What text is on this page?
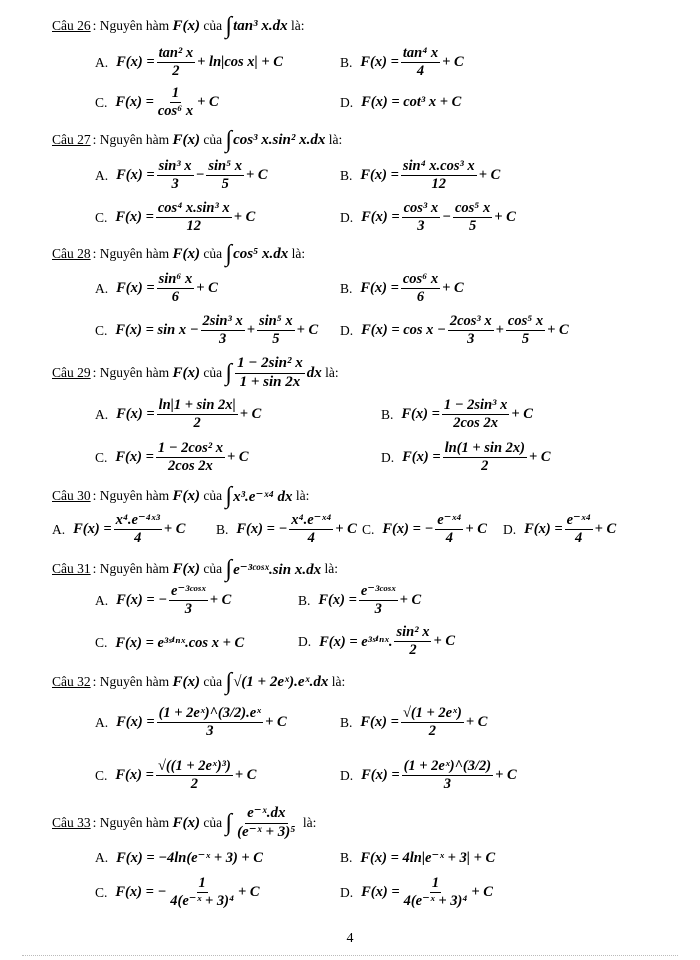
Câu 26 : Nguyên hàm
F(x)
của
∫ tan³ x.dx
là:
A. $F(x) = \frac{\text{tan² x}}{2} + \ln|\cos$ x| + C	B. $F(x) = \frac{\text{tan⁴ x}}{4} + C$
C. $F(x) = \frac{1}{\text{cos⁶ x}} + C$	D. F(x) = cot³ x + C
Câu 27 : Nguyên hàm
F(x)
của
∫ cos³ x.sin² x.dx
là:
A. $F(x) = \frac{\text{sin³ x}}{3} - \frac{\text{sin⁵ x}}{5} + C$	B. $F(x) = \frac{\text{sin⁴ x.cos³ x}}{12} + C$
C. $F(x) = \frac{\text{cos⁴ x.sin³ x}}{12} + C$	D. $F(x) = \frac{\text{cos³ x}}{3} - \frac{\text{cos⁵ x}}{5} + C$
Câu 28 : Nguyên hàm
F(x)
của
∫ cos⁵ x.dx
là:
A. $F(x) = \frac{\text{sin⁶ x}}{6} + C$	B. $F(x) = \frac{\text{cos⁶ x}}{6} + C$
C. $F(x) = \sin x - \frac{\text{2sin³ x}}{3} + \frac{\text{sin⁵ x}}{5} + C$ D. $F(x) = \cos x - \frac{\text{2cos³ x}}{3} + \frac{\text{cos⁵ x}}{5} + C$
Câu 29 : Nguyên hàm
F(x)
của
∫ $\frac{\text{1 − 2sin² x}}{1 + \sin 2x}$ dx
là:
A. $F(x) = \frac{\ln|1 + \sin 2x|}{2} + C$	B. $F(x) = \frac{\text{1 − 2sin³ x}}{2\cos 2x} + C$
C. $F(x) = \frac{\text{1 − 2cos² x}}{2\cos 2x} + C$	D. $F(x) = \frac{\ln(1 + \sin 2x)}{2} + C$
Câu 30 : Nguyên hàm
F(x)
của
∫ x³.e⁻ˣ⁴ dx
là:
A. $F(x) = \frac{\text{x⁴.e⁻⁴ˣ³}}{4} + C$ B. F(x) = − $\frac{\text{x⁴.e⁻ˣ⁴}}{4} + C$ C. F(x) = − $\frac{\text{e⁻ˣ⁴}}{4} + C$ D. $F(x) = \frac{\text{e⁻ˣ⁴}}{4} + C$
Câu 31 : Nguyên hàm
F(x)
của
∫ e⁻³ᶜᵒˢˣ.sin x.dx
là:
A. F(x) = − $\frac{\text{e⁻³ᶜᵒˢˣ}}{3} + C$	B. $F(x) = \frac{\text{e⁻³ᶜᵒˢˣ}}{3} + C$
C. F(x) = e³ˢⁱⁿˣ.cos x + C	D. F(x) = e³ˢⁱⁿˣ. $\frac{\text{sin² x}}{2} + C$
Câu 32 : Nguyên hàm
F(x)
của
∫ √(1 + 2eˣ).eˣ.dx
là:
A. $F(x) = \frac{\text{(1 + 2eˣ)\textasciicircum{}(3/2).eˣ}}{3} + C$	B. $F(x) = \frac{\text{√(1 + 2eˣ)}}{2} + C$
C. $F(x) = \frac{\text{√((1 + 2eˣ)³)}}{2} + C$	D. $F(x) = \frac{\text{(1 + 2eˣ)\textasciicircum{}(3/2)}}{3} + C$
Câu 33 : Nguyên hàm
F(x)
của
∫ $\frac{\text{e⁻ˣ.dx}}{\text{(e⁻ˣ + 3)⁵}}$
là:
A. F(x) = −4ln(e⁻ˣ + 3) + C	B. F(x) = 4ln|e⁻ˣ + 3| + C
C. F(x) = − $\frac{1}{\text{4(e⁻ˣ + 3)⁴}} + C$	D. $F(x) = \frac{1}{\text{4(e⁻ˣ + 3)⁴}} + C$
4
